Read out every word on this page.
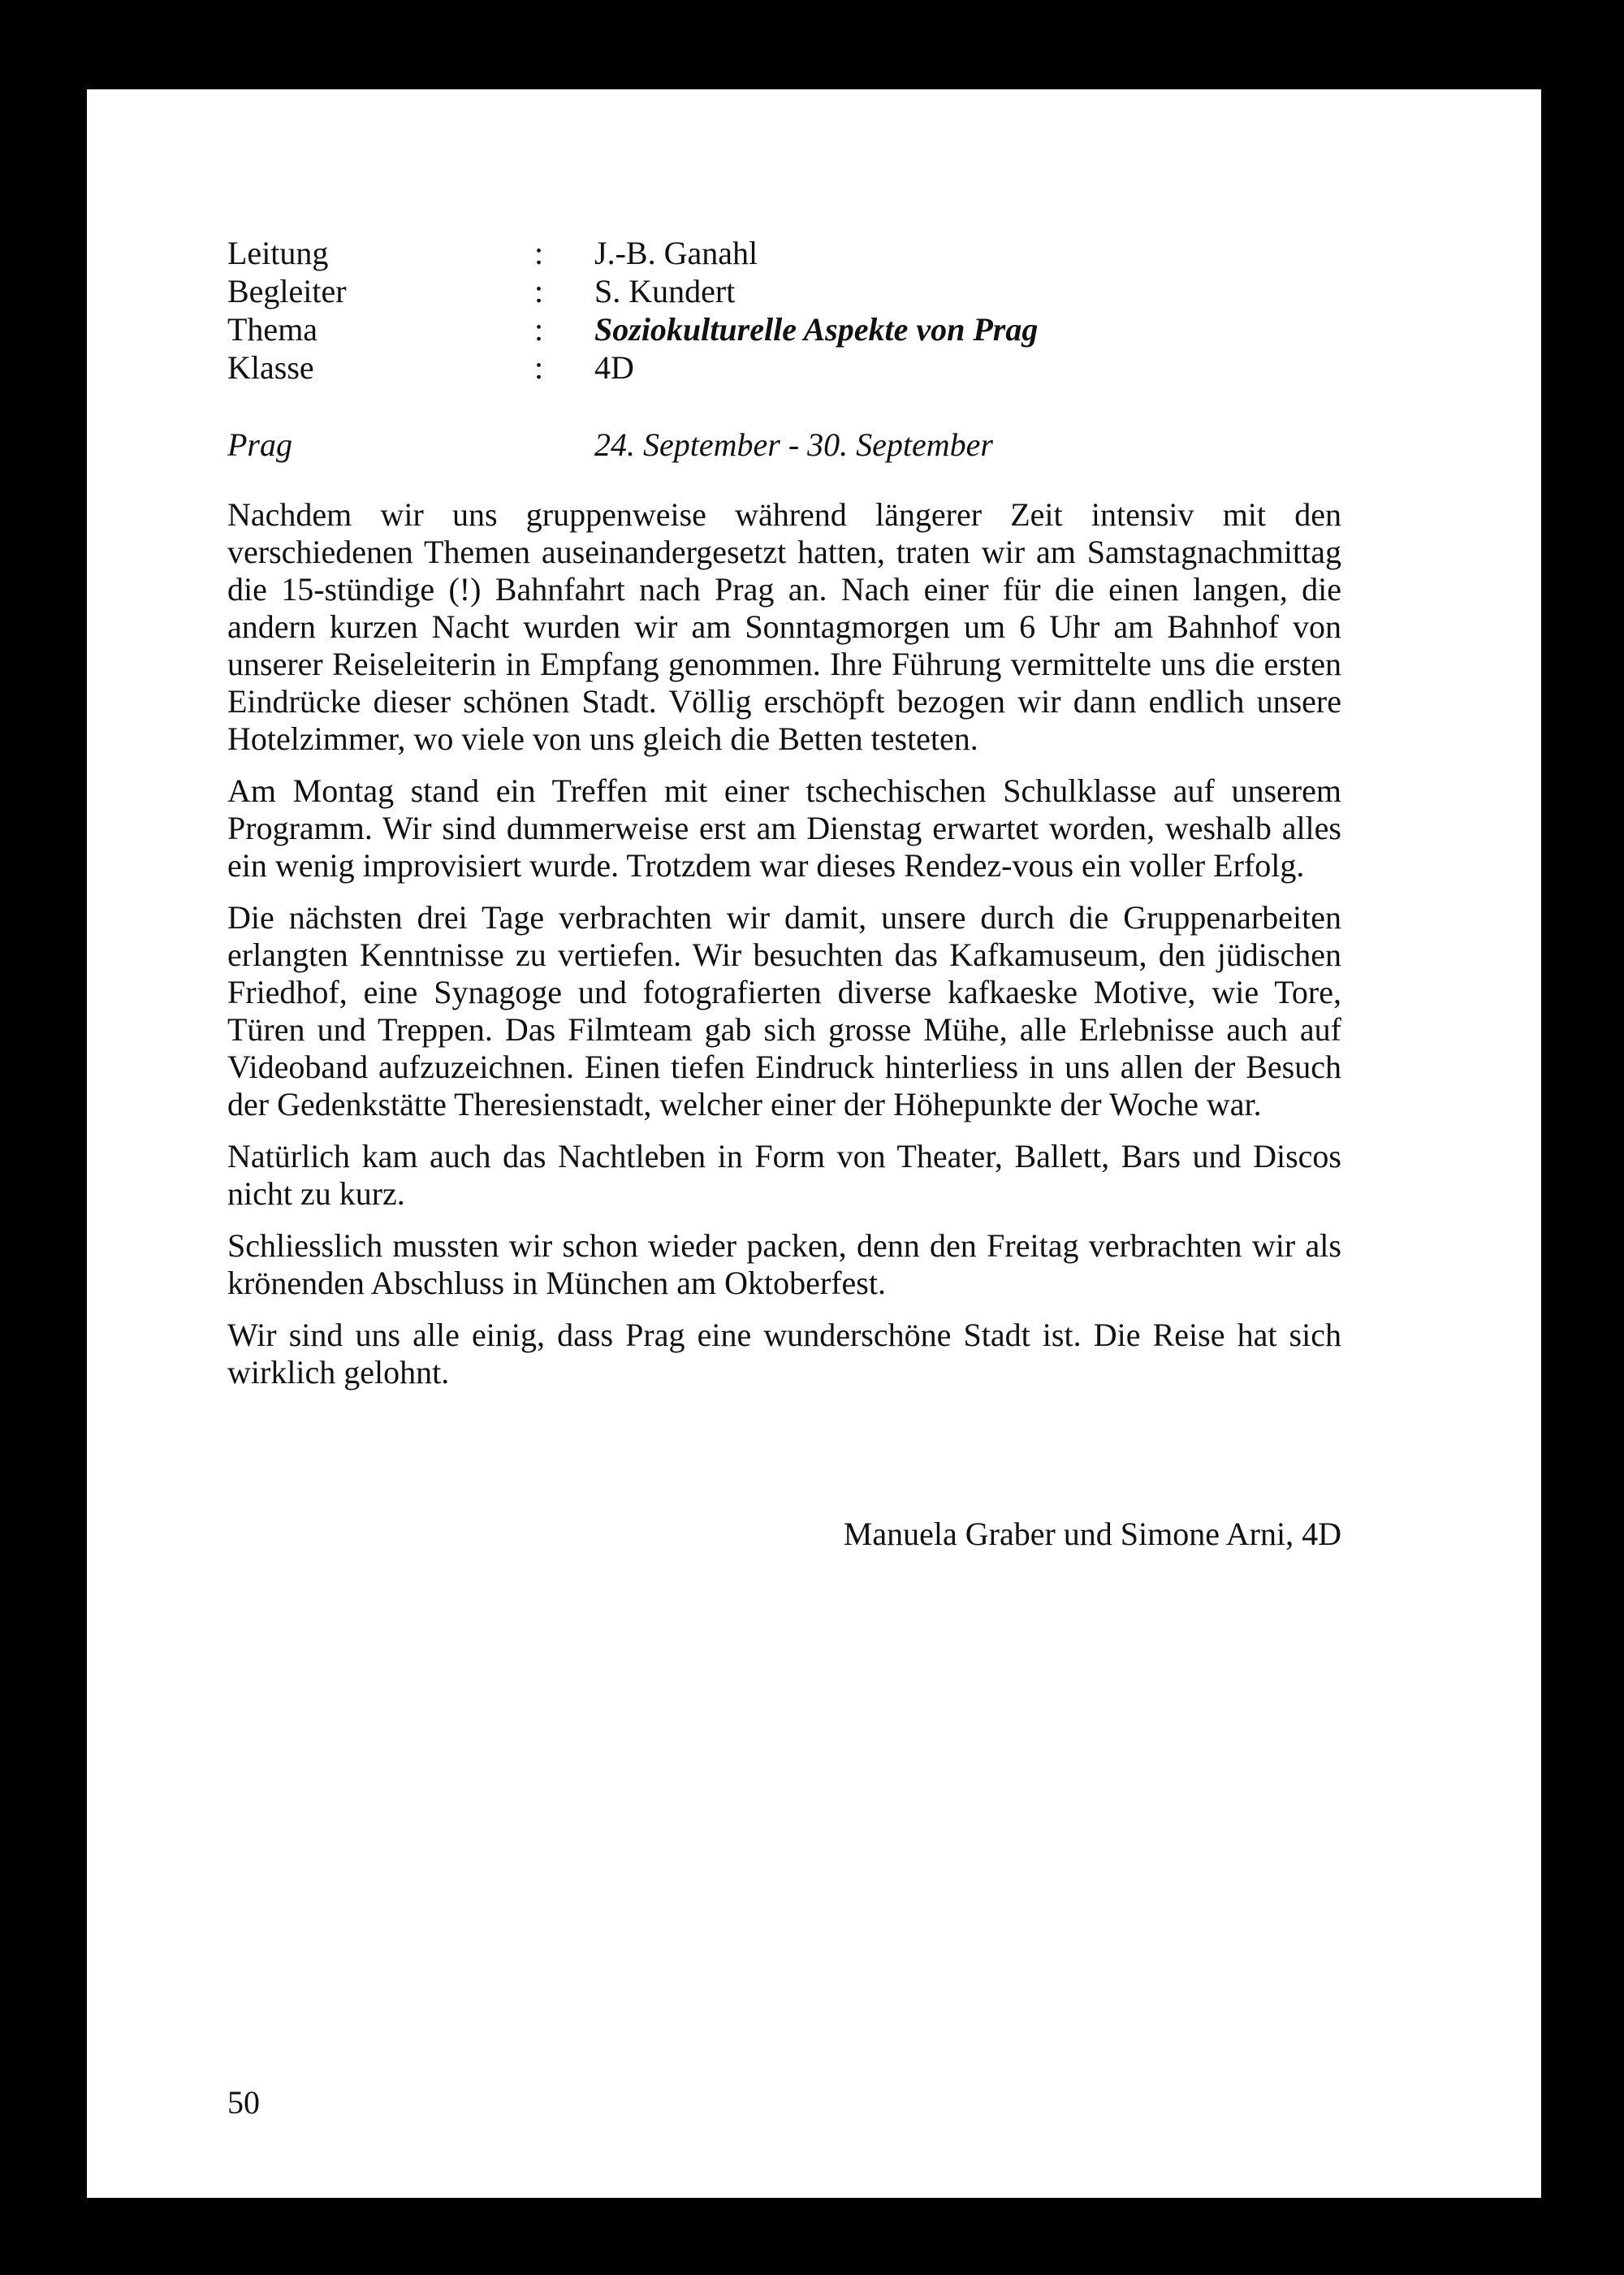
Leitung	: J.-B. Ganahl
Begleiter	: S. Kundert
Thema	: Soziokulturelle Aspekte von Prag
Klasse	: 4D
Prag	24. September - 30. September

Nachdem wir uns gruppenweise während längerer Zeit intensiv mit den verschiedenen Themen auseinandergesetzt hatten, traten wir am Samstagnachmittag die 15-stündige (!) Bahnfahrt nach Prag an. Nach einer für die einen langen, die andern kurzen Nacht wurden wir am Sonntagmorgen um 6 Uhr am Bahnhof von unserer Reiseleiterin in Empfang genommen. Ihre Führung vermittelte uns die ersten Eindrücke dieser schönen Stadt. Völlig erschöpft bezogen wir dann endlich unsere Hotelzimmer, wo viele von uns gleich die Betten testeten.

Am Montag stand ein Treffen mit einer tschechischen Schulklasse auf unserem Programm. Wir sind dummerweise erst am Dienstag erwartet worden, weshalb alles ein wenig improvisiert wurde. Trotzdem war dieses Rendez-vous ein voller Erfolg.

Die nächsten drei Tage verbrachten wir damit, unsere durch die Gruppenarbeiten erlangten Kenntnisse zu vertiefen. Wir besuchten das Kafkamuseum, den jüdischen Friedhof, eine Synagoge und fotografierten diverse kafkaeske Motive, wie Tore, Türen und Treppen. Das Filmteam gab sich grosse Mühe, alle Erlebnisse auch auf Videoband aufzuzeichnen. Einen tiefen Eindruck hinterliess in uns allen der Besuch der Gedenkstätte Theresienstadt, welcher einer der Höhepunkte der Woche war.

Natürlich kam auch das Nachtleben in Form von Theater, Ballett, Bars und Discos nicht zu kurz.

Schliesslich mussten wir schon wieder packen, denn den Freitag verbrachten wir als krönenden Abschluss in München am Oktoberfest.

Wir sind uns alle einig, dass Prag eine wunderschöne Stadt ist. Die Reise hat sich wirklich gelohnt.

Manuela Graber und Simone Arni, 4D
50
